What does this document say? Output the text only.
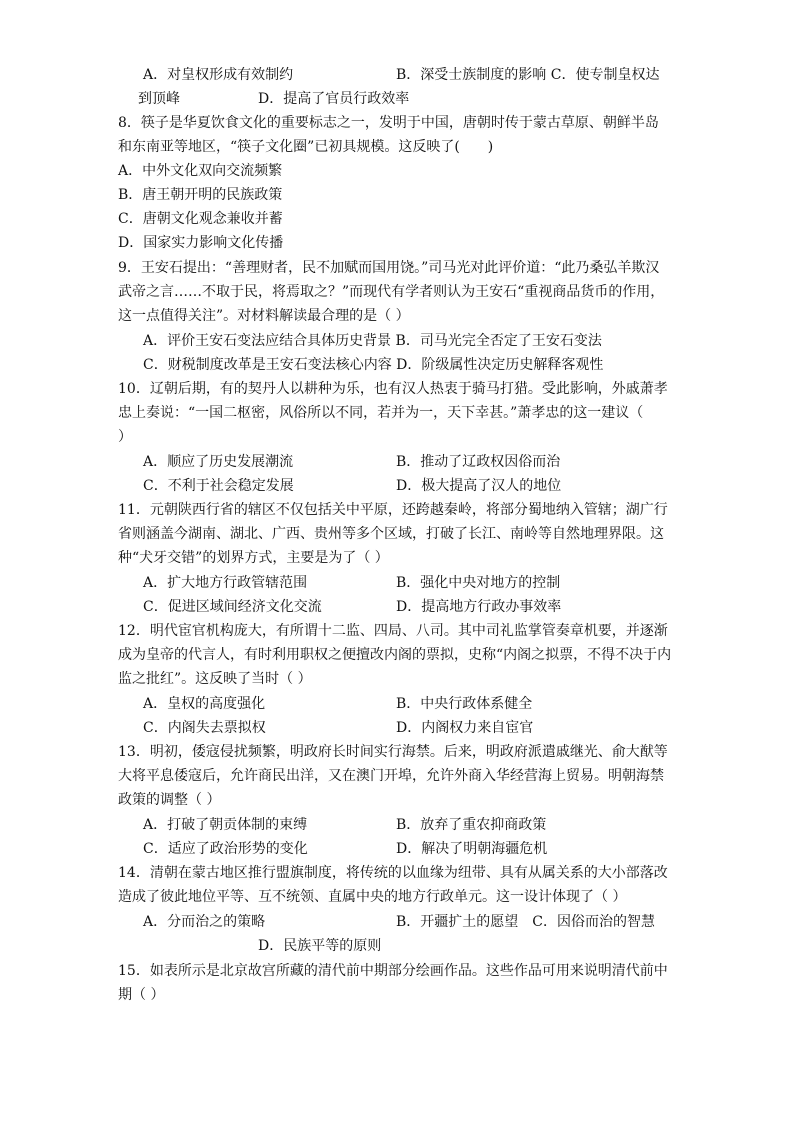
A．对皇权形成有效制约	B．深受士族制度的影响 C．使专制皇权达
到顶峰	D．提高了官员行政效率
8．筷子是华夏饮食文化的重要标志之一，发明于中国，唐朝时传于蒙古草原、朝鲜半岛
和东南亚等地区，“筷子文化圈”已初具规模。这反映了(　　)
A．中外文化双向交流频繁
B．唐王朝开明的民族政策
C．唐朝文化观念兼收并蓄
D．国家实力影响文化传播
9．王安石提出：“善理财者，民不加赋而国用饶。”司马光对此评价道：“此乃桑弘羊欺汉
武帝之言……不取于民，将焉取之？”而现代有学者则认为王安石“重视商品货币的作用，
这一点值得关注”。对材料解读最合理的是（ ）
A．评价王安石变法应结合具体历史背景 B．司马光完全否定了王安石变法
C．财税制度改革是王安石变法核心内容 D．阶级属性决定历史解释客观性
10．辽朝后期，有的契丹人以耕种为乐，也有汉人热衷于骑马打猎。受此影响，外戚萧孝
忠上奏说：“一国二枢密，风俗所以不同，若并为一，天下幸甚。”萧孝忠的这一建议（
）
A．顺应了历史发展潮流	B．推动了辽政权因俗而治
C．不利于社会稳定发展	D．极大提高了汉人的地位
11．元朝陕西行省的辖区不仅包括关中平原，还跨越秦岭，将部分蜀地纳入管辖；湖广行
省则涵盖今湖南、湖北、广西、贵州等多个区域，打破了长江、南岭等自然地理界限。这
种“犬牙交错”的划界方式，主要是为了（ ）
A．扩大地方行政管辖范围	B．强化中央对地方的控制
C．促进区域间经济文化交流	D．提高地方行政办事效率
12．明代宦官机构庞大，有所谓十二监、四局、八司。其中司礼监掌管奏章机要，并逐渐
成为皇帝的代言人，有时利用职权之便擅改内阁的票拟，史称“内阁之拟票，不得不决于内
监之批红”。这反映了当时（ ）
A．皇权的高度强化	B．中央行政体系健全
C．内阁失去票拟权	D．内阁权力来自宦官
13．明初，倭寇侵扰频繁，明政府长时间实行海禁。后来，明政府派遣戚继光、俞大猷等
大将平息倭寇后，允许商民出洋，又在澳门开埠，允许外商入华经营海上贸易。明朝海禁
政策的调整（ ）
A．打破了朝贡体制的束缚	B．放弃了重农抑商政策
C．适应了政治形势的变化	D．解决了明朝海疆危机
14．清朝在蒙古地区推行盟旗制度，将传统的以血缘为纽带、具有从属关系的大小部落改
造成了彼此地位平等、互不统领、直属中央的地方行政单元。这一设计体现了（ ）
A．分而治之的策略	B．开疆扩土的愿望　C．因俗而治的智慧
D．民族平等的原则
15．如表所示是北京故宫所藏的清代前中期部分绘画作品。这些作品可用来说明清代前中
期（ ）
